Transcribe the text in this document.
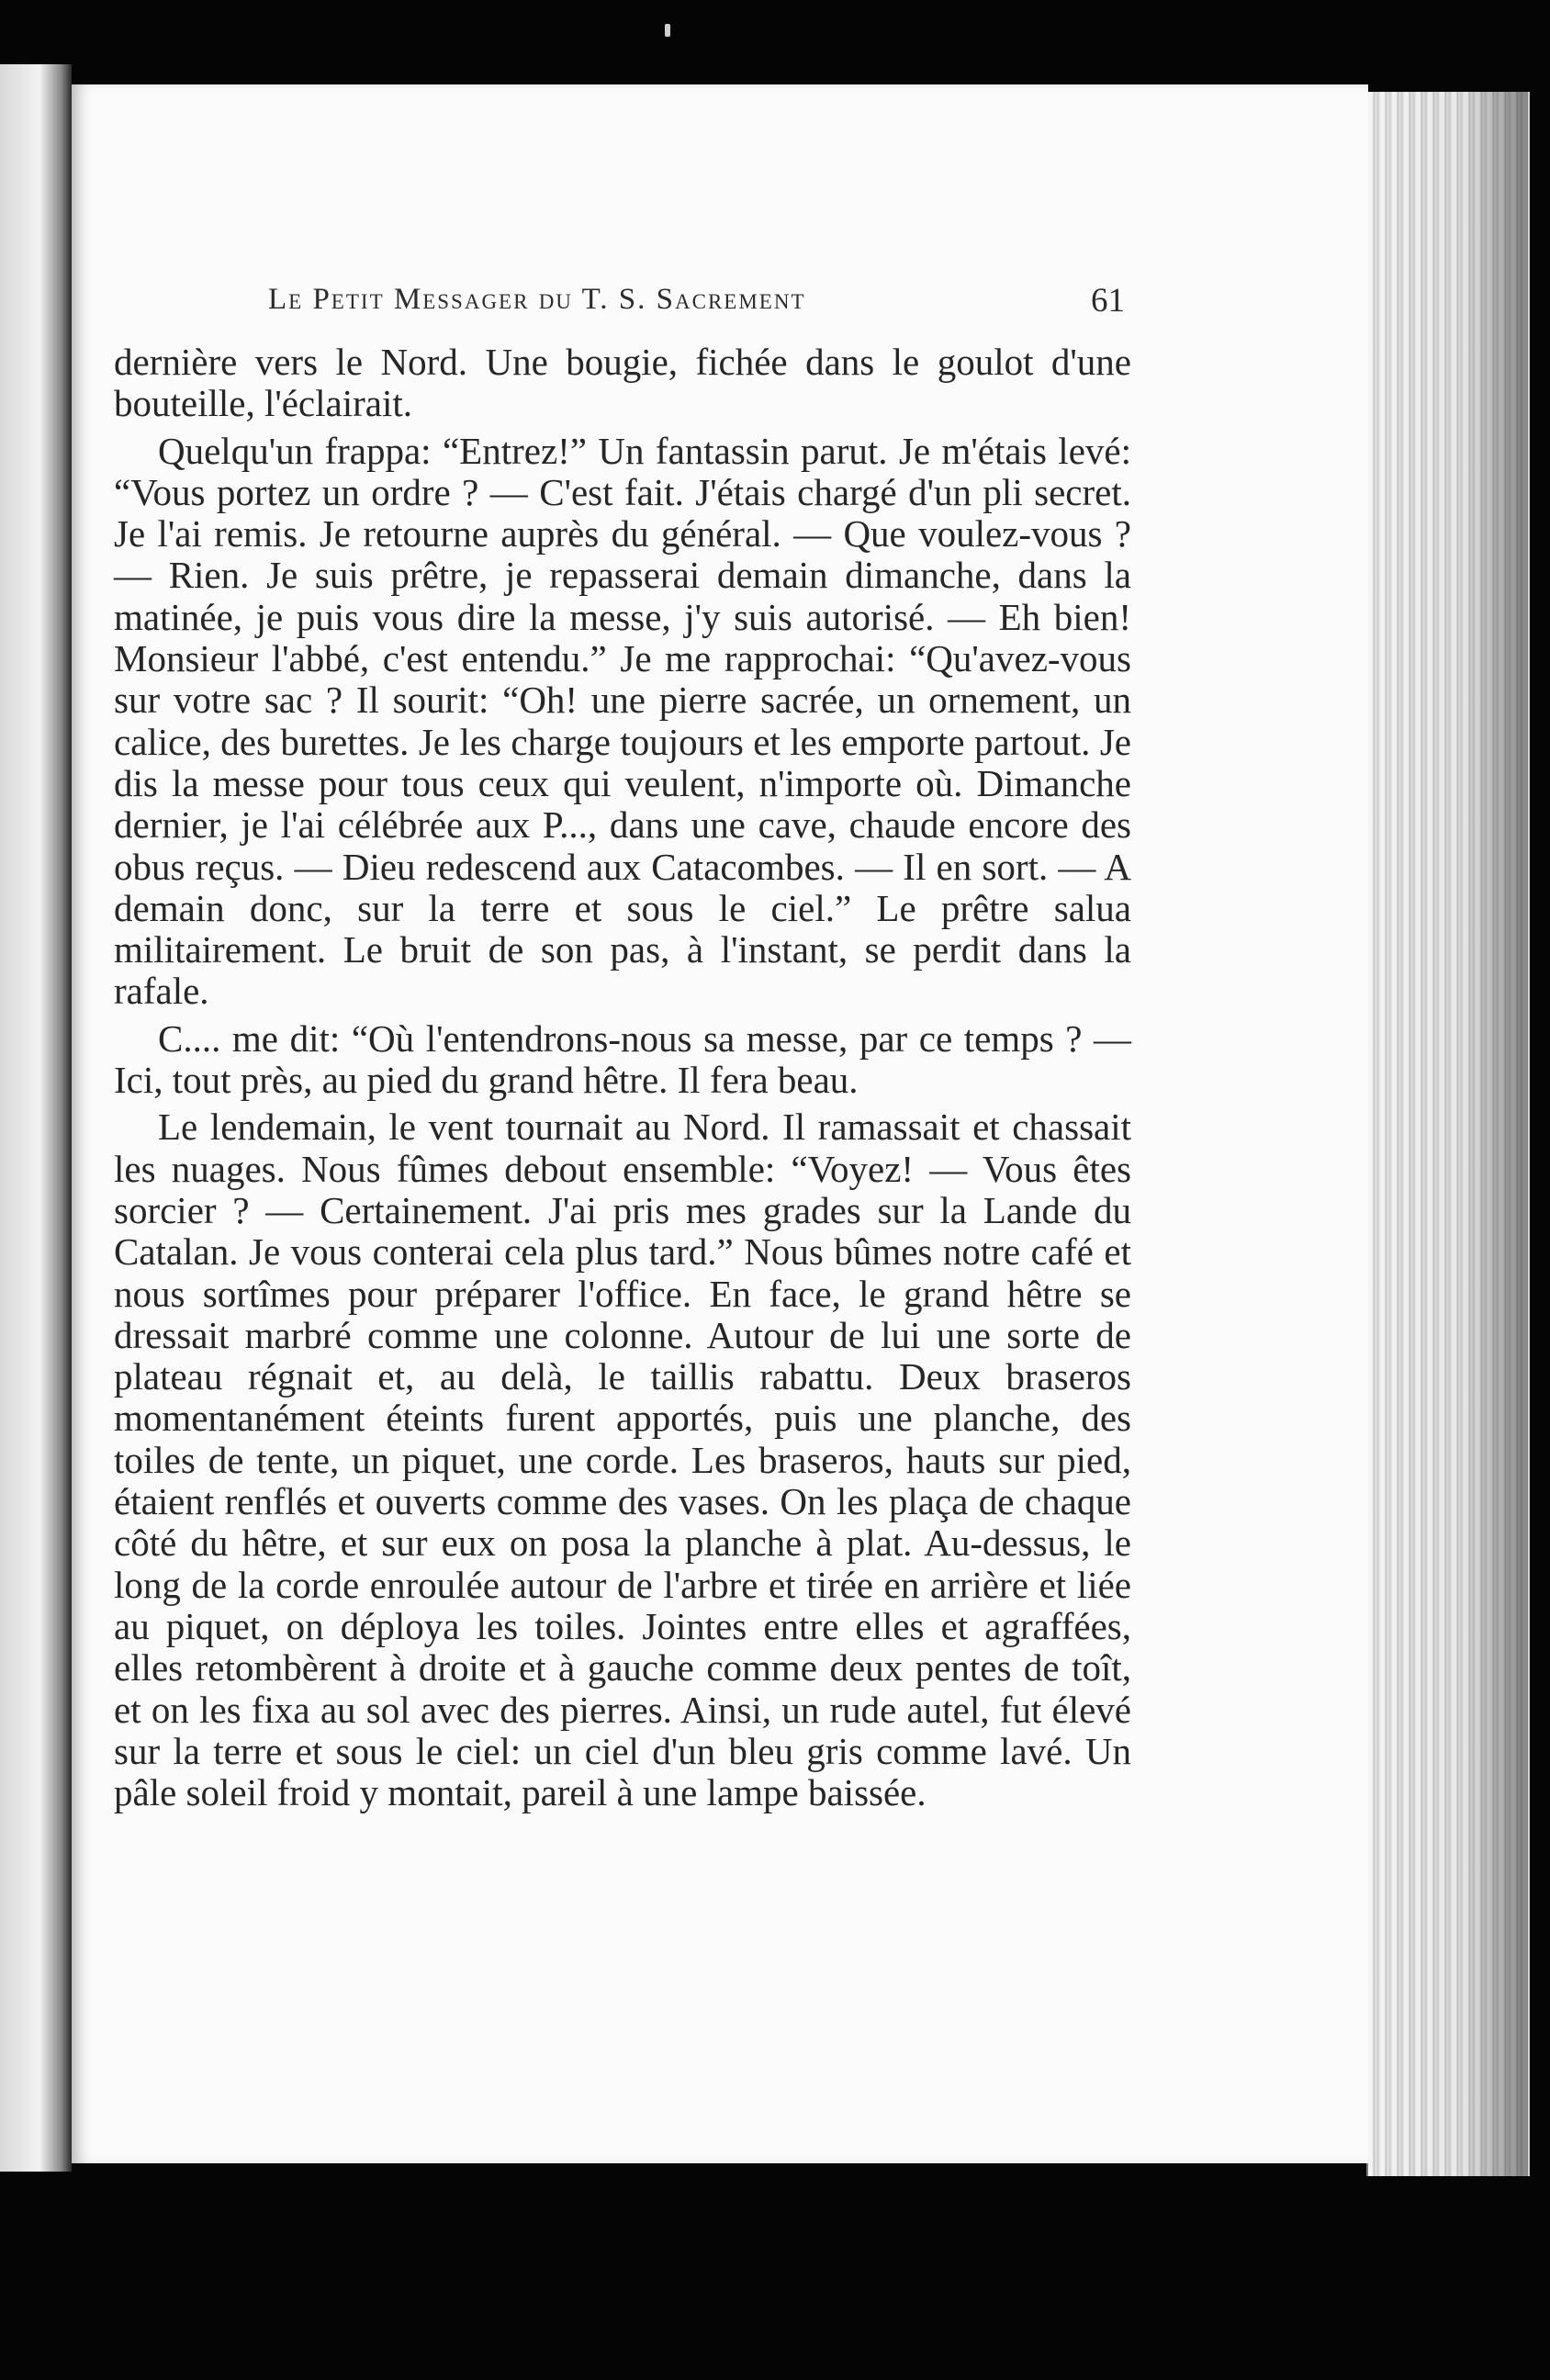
Le Petit Messager du T. S. Sacrement	61

dernière vers le Nord. Une bougie, fichée dans le goulot d'une bouteille, l'éclairait.

Quelqu'un frappa: “Entrez!” Un fantassin parut. Je m'étais levé: “Vous portez un ordre ? — C'est fait. J'étais chargé d'un pli secret. Je l'ai remis. Je retourne auprès du général. — Que voulez-vous ? — Rien. Je suis prêtre, je repasserai demain dimanche, dans la matinée, je puis vous dire la messe, j'y suis autorisé. — Eh bien! Monsieur l'abbé, c'est entendu.” Je me rapprochai: “Qu'avez-vous sur votre sac ? Il sourit: “Oh! une pierre sacrée, un ornement, un calice, des burettes. Je les charge toujours et les emporte partout. Je dis la messe pour tous ceux qui veulent, n'importe où. Dimanche dernier, je l'ai célébrée aux P..., dans une cave, chaude encore des obus reçus. — Dieu redescend aux Catacombes. — Il en sort. — A demain donc, sur la terre et sous le ciel.” Le prêtre salua militairement. Le bruit de son pas, à l'instant, se perdit dans la rafale.

C.... me dit: “Où l'entendrons-nous sa messe, par ce temps ? — Ici, tout près, au pied du grand hêtre. Il fera beau.

Le lendemain, le vent tournait au Nord. Il ramassait et chassait les nuages. Nous fûmes debout ensemble: “Voyez! — Vous êtes sorcier ? — Certainement. J'ai pris mes grades sur la Lande du Catalan. Je vous conterai cela plus tard.” Nous bûmes notre café et nous sortîmes pour préparer l'office. En face, le grand hêtre se dressait marbré comme une colonne. Autour de lui une sorte de plateau régnait et, au delà, le taillis rabattu. Deux braseros momentanément éteints furent apportés, puis une planche, des toiles de tente, un piquet, une corde. Les braseros, hauts sur pied, étaient renflés et ouverts comme des vases. On les plaça de chaque côté du hêtre, et sur eux on posa la planche à plat. Au-dessus, le long de la corde enroulée autour de l'arbre et tirée en arrière et liée au piquet, on déploya les toiles. Jointes entre elles et agraffées, elles retombèrent à droite et à gauche comme deux pentes de toît, et on les fixa au sol avec des pierres. Ainsi, un rude autel, fut élevé sur la terre et sous le ciel: un ciel d'un bleu gris comme lavé. Un pâle soleil froid y montait, pareil à une lampe baissée.
